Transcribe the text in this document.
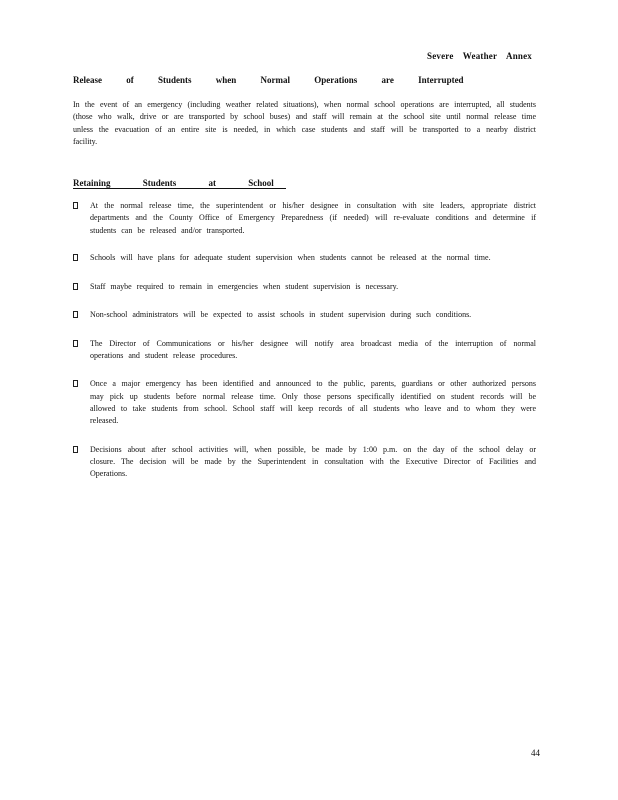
Severe Weather Annex
Release of Students when Normal Operations are Interrupted
In the event of an emergency (including weather related situations), when normal school operations are interrupted, all students (those who walk, drive or are transported by school buses) and staff will remain at the school site until normal release time unless the evacuation of an entire site is needed, in which case students and staff will be transported to a nearby district facility.
Retaining Students at School
At the normal release time, the superintendent or his/her designee in consultation with site leaders, appropriate district departments and the County Office of Emergency Preparedness (if needed) will re-evaluate conditions and determine if students can be released and/or transported.
Schools will have plans for adequate student supervision when students cannot be released at the normal time.
Staff maybe required to remain in emergencies when student supervision is necessary.
Non-school administrators will be expected to assist schools in student supervision during such conditions.
The Director of Communications or his/her designee will notify area broadcast media of the interruption of normal operations and student release procedures.
Once a major emergency has been identified and announced to the public, parents, guardians or other authorized persons may pick up students before normal release time. Only those persons specifically identified on student records will be allowed to take students from school. School staff will keep records of all students who leave and to whom they were released.
Decisions about after school activities will, when possible, be made by 1:00 p.m. on the day of the school delay or closure. The decision will be made by the Superintendent in consultation with the Executive Director of Facilities and Operations.
44
